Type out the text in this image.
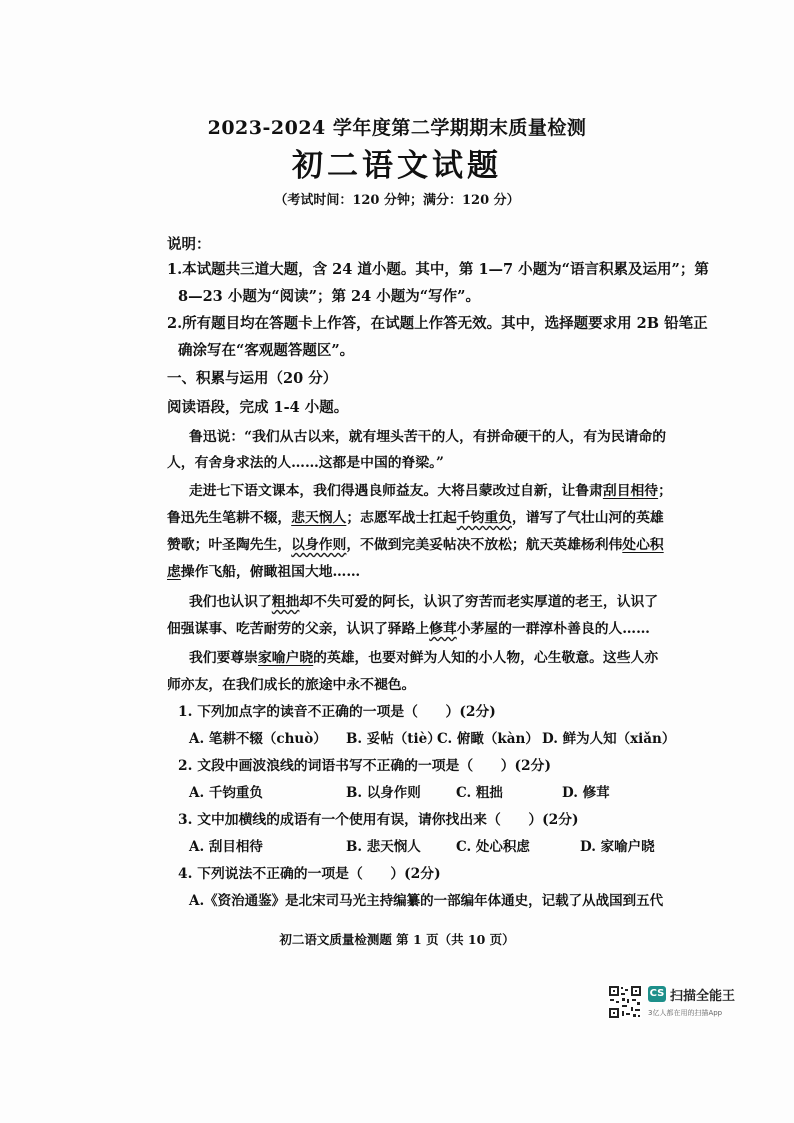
2023-2024 学年度第二学期期末质量检测
初二语文试题
（考试时间：120 分钟；满分：120 分）
说明：
1.本试题共三道大题，含 24 道小题。其中，第 1—7 小题为“语言积累及运用”；第
8—23 小题为“阅读”；第 24 小题为“写作”。
2.所有题目均在答题卡上作答，在试题上作答无效。其中，选择题要求用 2B 铅笔正
确涂写在“客观题答题区”。
一、积累与运用（20 分）
阅读语段，完成 1-4 小题。
鲁迅说：“我们从古以来，就有埋头苦干的人，有拼命硬干的人，有为民请命的
人，有舍身求法的人……这都是中国的脊梁。”
走进七下语文课本，我们得遇良师益友。大将吕蒙改过自新，让鲁肃刮目相待；
鲁迅先生笔耕不辍，悲天悯人；志愿军战士扛起千钧重负，谱写了气壮山河的英雄
赞歌；叶圣陶先生，以身作则，不做到完美妥帖决不放松；航天英雄杨利伟处心积
虑操作飞船，俯瞰祖国大地……
我们也认识了粗拙却不失可爱的阿长，认识了穷苦而老实厚道的老王，认识了
佃强谋事、吃苦耐劳的父亲，认识了驿路上修茸小茅屋的一群淳朴善良的人……
我们要尊崇家喻户晓的英雄，也要对鲜为人知的小人物，心生敬意。这些人亦
师亦友，在我们成长的旅途中永不褪色。
1. 下列加点字的读音不正确的一项是（　　）(2分)
A. 笔耕不辍（chuò） B. 妥帖（tiè）
C. 俯瞰（kàn） D. 鲜为人知（xiǎn）
2. 文段中画波浪线的词语书写不正确的一项是（　　）(2分)
A. 千钧重负	B. 以身作则	C. 粗拙	D. 修茸
3. 文中加横线的成语有一个使用有误，请你找出来（　　）(2分)
A. 刮目相待	B. 悲天悯人	C. 处心积虑	D. 家喻户晓
4. 下列说法不正确的一项是（　　）(2分)
A.《资治通鉴》是北宋司马光主持编纂的一部编年体通史，记载了从战国到五代
初二语文质量检测题 第 1 页（共 10 页）
CS 扫描全能王
3亿人都在用的扫描App
